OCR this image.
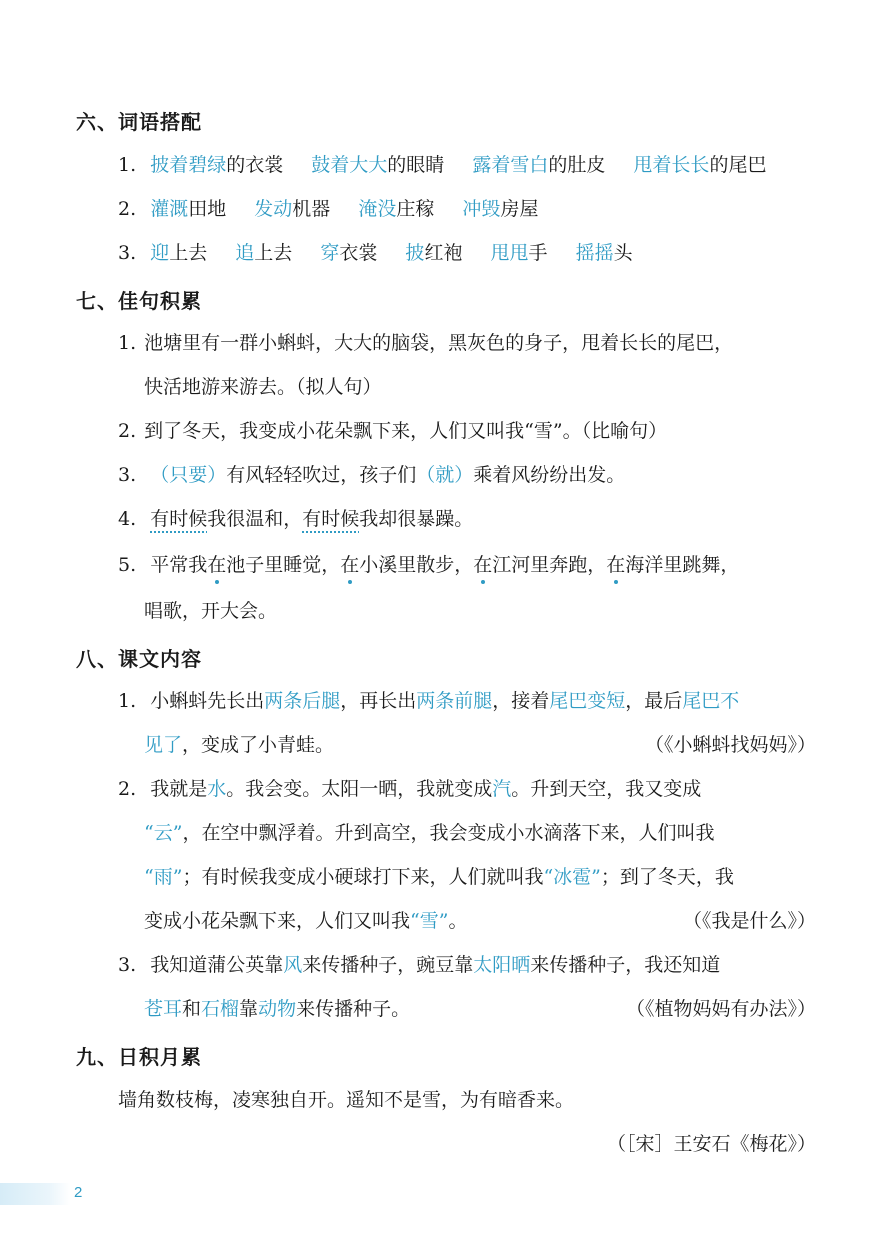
六、词语搭配
1. 披着碧绿的衣裳 鼓着大大的眼睛 露着雪白的肚皮 甩着长长的尾巴
2. 灌溉田地 发动机器 淹没庄稼 冲毁房屋
3. 迎上去 追上去 穿衣裳 披红袍 甩甩手 摇摇头
七、佳句积累
1. 池塘里有一群小蝌蚪，大大的脑袋，黑灰色的身子，甩着长长的尾巴，
快活地游来游去。（拟人句）
2. 到了冬天，我变成小花朵飘下来，人们又叫我“雪”。（比喻句）
3. （只要）有风轻轻吹过，孩子们（就）乘着风纷纷出发。
4. 有时候我很温和，有时候我却很暴躁。
5. 平常我在池子里睡觉，在小溪里散步，在江河里奔跑，在海洋里跳舞，
唱歌，开大会。
八、课文内容
1. 小蝌蚪先长出两条后腿，再长出两条前腿，接着尾巴变短，最后尾巴不
见了，变成了小青蛙。	（《小蝌蚪找妈妈》）
2. 我就是水。我会变。太阳一晒，我就变成汽。升到天空，我又变成
“云”，在空中飘浮着。升到高空，我会变成小水滴落下来，人们叫我
“雨”；有时候我变成小硬球打下来，人们就叫我“冰雹”；到了冬天，我
变成小花朵飘下来，人们又叫我“雪”。	（《我是什么》）
3. 我知道蒲公英靠风来传播种子，豌豆靠太阳晒来传播种子，我还知道
苍耳和石榴靠动物来传播种子。	（《植物妈妈有办法》）
九、日积月累
墙角数枝梅，凌寒独自开。遥知不是雪，为有暗香来。
（［宋］王安石《梅花》）
2
